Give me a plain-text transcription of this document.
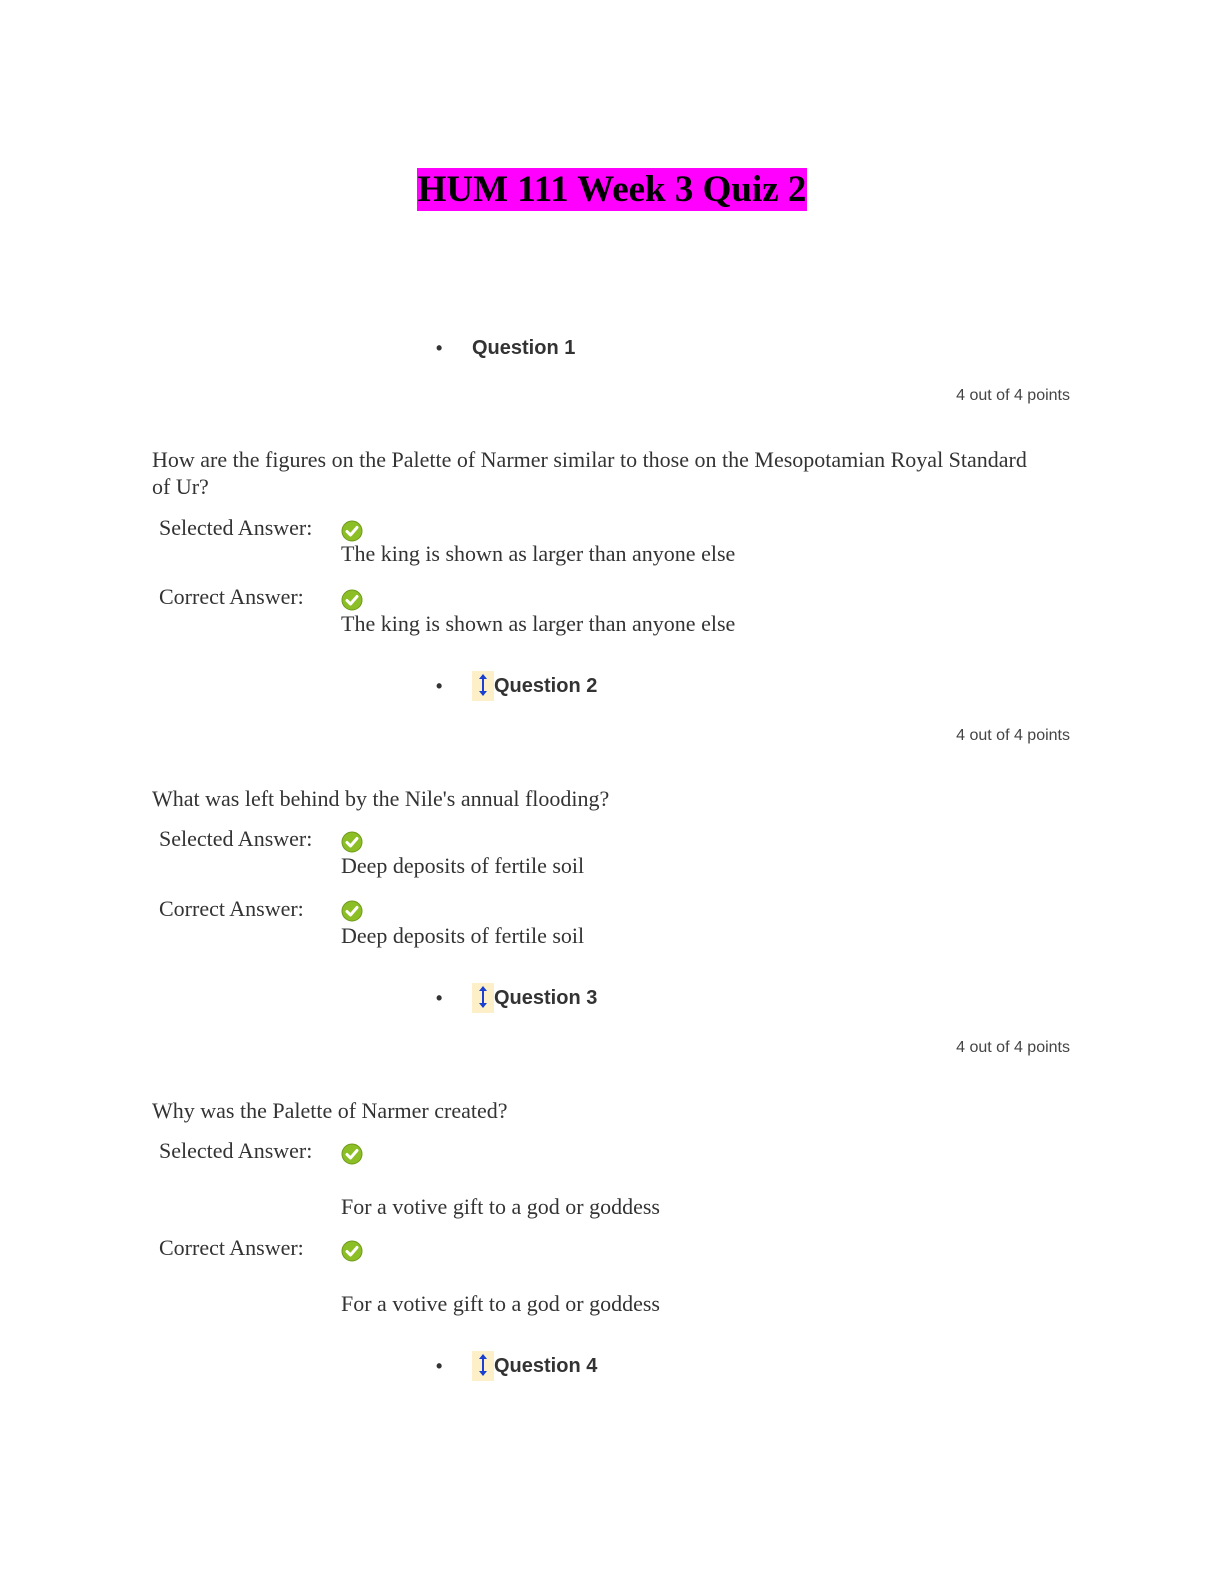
HUM 111 Week 3 Quiz 2
•	Question 1
4 out of 4 points
How are the figures on the Palette of Narmer similar to those on the Mesopotamian Royal Standard of Ur?
Selected Answer:
The king is shown as larger than anyone else
Correct Answer:
The king is shown as larger than anyone else
•	Question 2
4 out of 4 points
What was left behind by the Nile's annual flooding?
Selected Answer:
Deep deposits of fertile soil
Correct Answer:
Deep deposits of fertile soil
•	Question 3
4 out of 4 points
Why was the Palette of Narmer created?
Selected Answer:
For a votive gift to a god or goddess
Correct Answer:
For a votive gift to a god or goddess
•	Question 4
